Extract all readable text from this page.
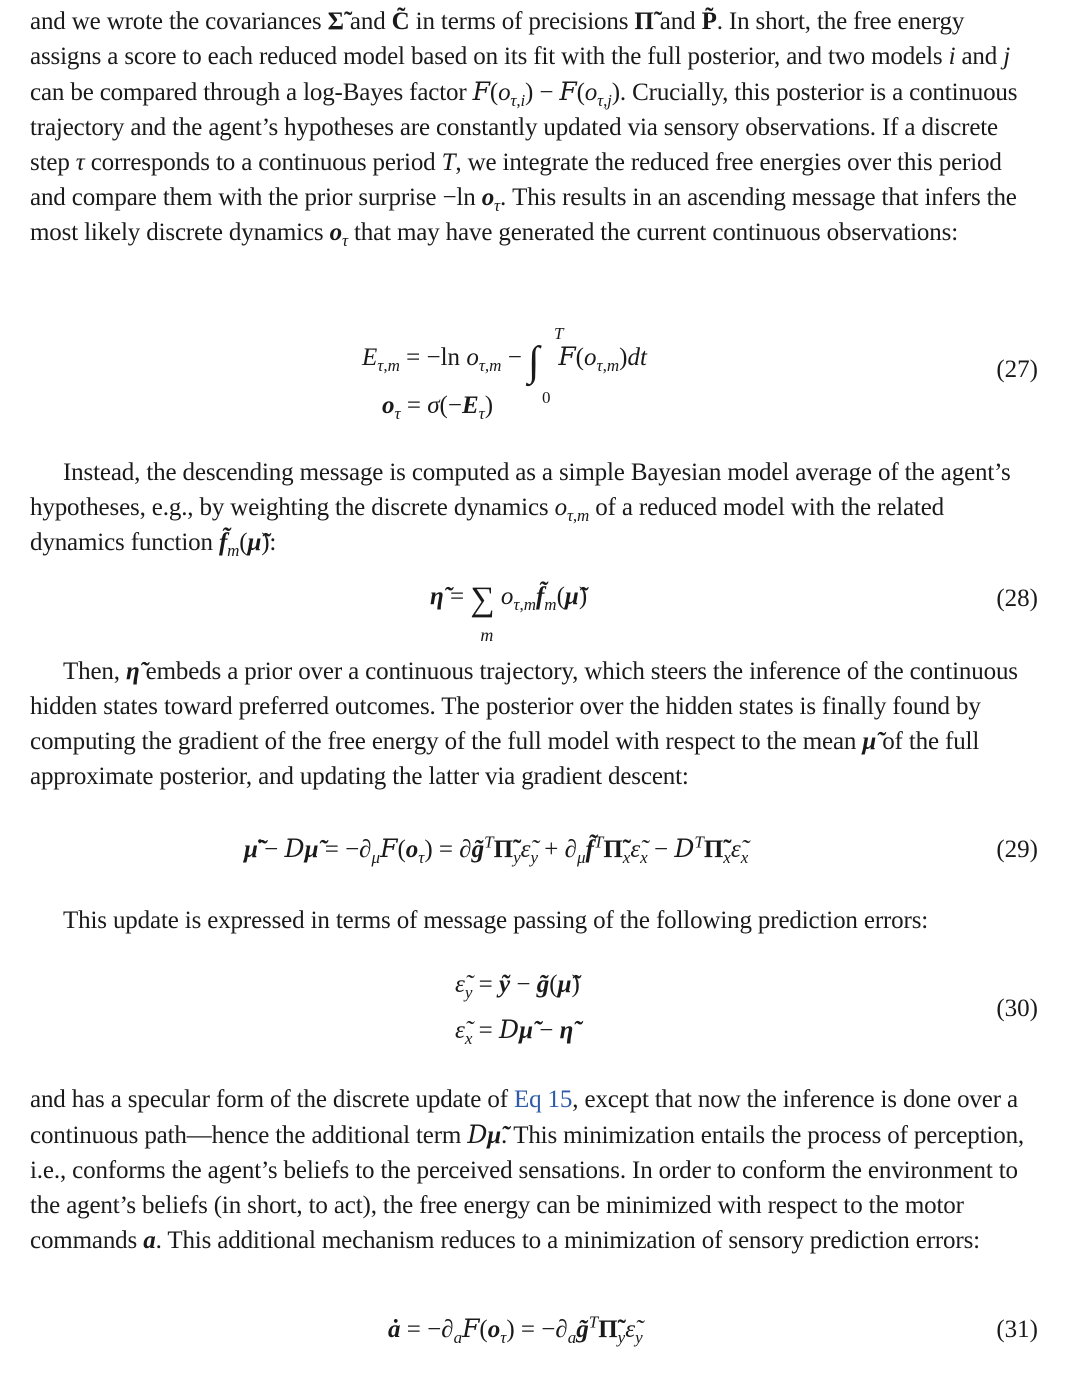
and we wrote the covariances Σ̃ and C̃ in terms of precisions Π̃ and P̃. In short, the free energy assigns a score to each reduced model based on its fit with the full posterior, and two models i and j can be compared through a log-Bayes factor $F(o_{\tau,i}) - F(o_{\tau,j})$. Crucially, this posterior is a continuous trajectory and the agent’s hypotheses are constantly updated via sensory observations. If a discrete step τ corresponds to a continuous period T, we integrate the reduced free energies over this period and compare them with the prior surprise −ln $o_\tau$. This results in an ascending message that infers the most likely discrete dynamics $o_\tau$ that may have generated the current continuous observations:

$E_{\tau,m} = -\ln$ $o_{\tau,m}$ − ∫
T
0
$F(o_{\tau,m})dt$
$o_\tau = \sigma(-E_\tau)$
(27)

Instead, the descending message is computed as a simple Bayesian model average of the agent’s hypotheses, e.g., by weighting the discrete dynamics $o_{\tau,m}$ of a reduced model with the related dynamics function $f̃_m(\mũ)$:

η̃ = ∑
m
$o_{\tau,m}f̃_m(\mũ)$	(28)

Then, η̃ embeds a prior over a continuous trajectory, which steers the inference of the continuous hidden states toward preferred outcomes. The posterior over the hidden states is finally found by computing the gradient of the free energy of the full model with respect to the mean μ̃ of the full approximate posterior, and updating the latter via gradient descent:

μ̃̇ − Dμ̃ = $-\partial_\mu F(o_\tau)$ = $\partial g̃^T\Pĩ_y\varepsiloñ_y$ + $\partial_\mu f̃^T\Pĩ_x\varepsiloñ_x$ − $D^T\Pĩ_x\varepsiloñ_x$	(29)

This update is expressed in terms of message passing of the following prediction errors:

$\varepsiloñ_y$ = ỹ − g̃(μ̃)
$\varepsiloñ_x$ = Dμ̃ − η̃
(30)

and has a specular form of the discrete update of Eq 15, except that now the inference is done over a continuous path—hence the additional term Dμ̃. This minimization entails the process of perception, i.e., conforms the agent’s beliefs to the perceived sensations. In order to conform the environment to the agent’s beliefs (in short, to act), the free energy can be minimized with respect to the motor commands a. This additional mechanism reduces to a minimization of sensory prediction errors:

ȧ = $-\partial_aF(o_\tau)$ = $-\partial_ag̃^T\Pĩ_y\varepsiloñ_y$	(31)
